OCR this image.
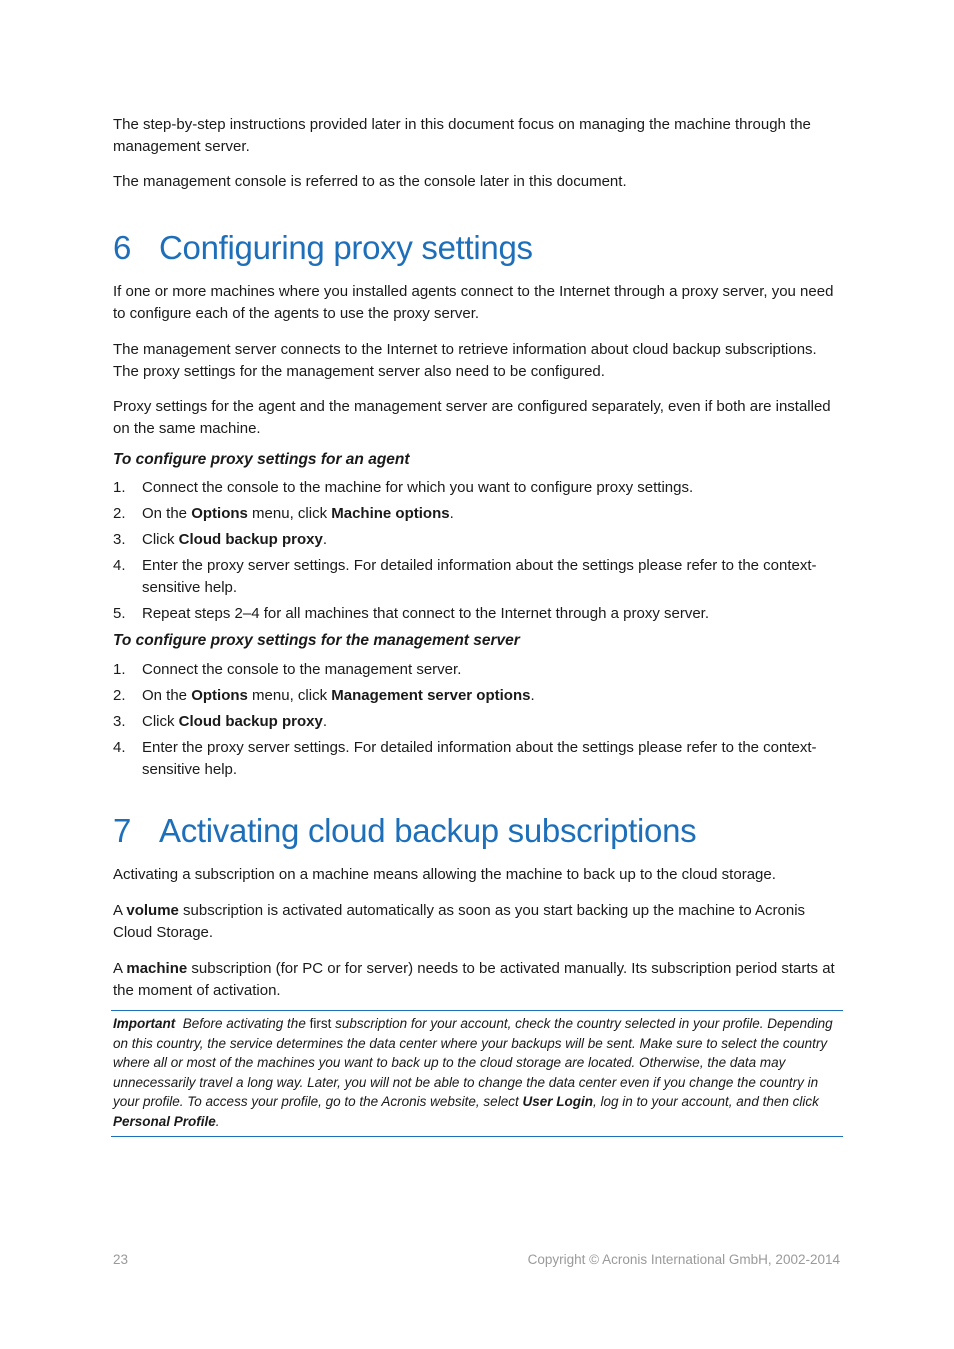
The step-by-step instructions provided later in this document focus on managing the machine through the management server.

The management console is referred to as the console later in this document.

6 Configuring proxy settings

If one or more machines where you installed agents connect to the Internet through a proxy server, you need to configure each of the agents to use the proxy server.

The management server connects to the Internet to retrieve information about cloud backup subscriptions. The proxy settings for the management server also need to be configured.

Proxy settings for the agent and the management server are configured separately, even if both are installed on the same machine.

To configure proxy settings for an agent

1. Connect the console to the machine for which you want to configure proxy settings.
2. On the Options menu, click Machine options.
3. Click Cloud backup proxy.
4. Enter the proxy server settings. For detailed information about the settings please refer to the context-sensitive help.
5. Repeat steps 2–4 for all machines that connect to the Internet through a proxy server.

To configure proxy settings for the management server

1. Connect the console to the management server.
2. On the Options menu, click Management server options.
3. Click Cloud backup proxy.
4. Enter the proxy server settings. For detailed information about the settings please refer to the context-sensitive help.
7 Activating cloud backup subscriptions

Activating a subscription on a machine means allowing the machine to back up to the cloud storage.

A volume subscription is activated automatically as soon as you start backing up the machine to Acronis Cloud Storage.

A machine subscription (for PC or for server) needs to be activated manually. Its subscription period starts at the moment of activation.

Important  Before activating the first subscription for your account, check the country selected in your profile. Depending on this country, the service determines the data center where your backups will be sent. Make sure to select the country where all or most of the machines you want to back up to the cloud storage are located. Otherwise, the data may unnecessarily travel a long way. Later, you will not be able to change the data center even if you change the country in your profile. To access your profile, go to the Acronis website, select User Login, log in to your account, and then click Personal Profile.

23	Copyright © Acronis International GmbH, 2002-2014
